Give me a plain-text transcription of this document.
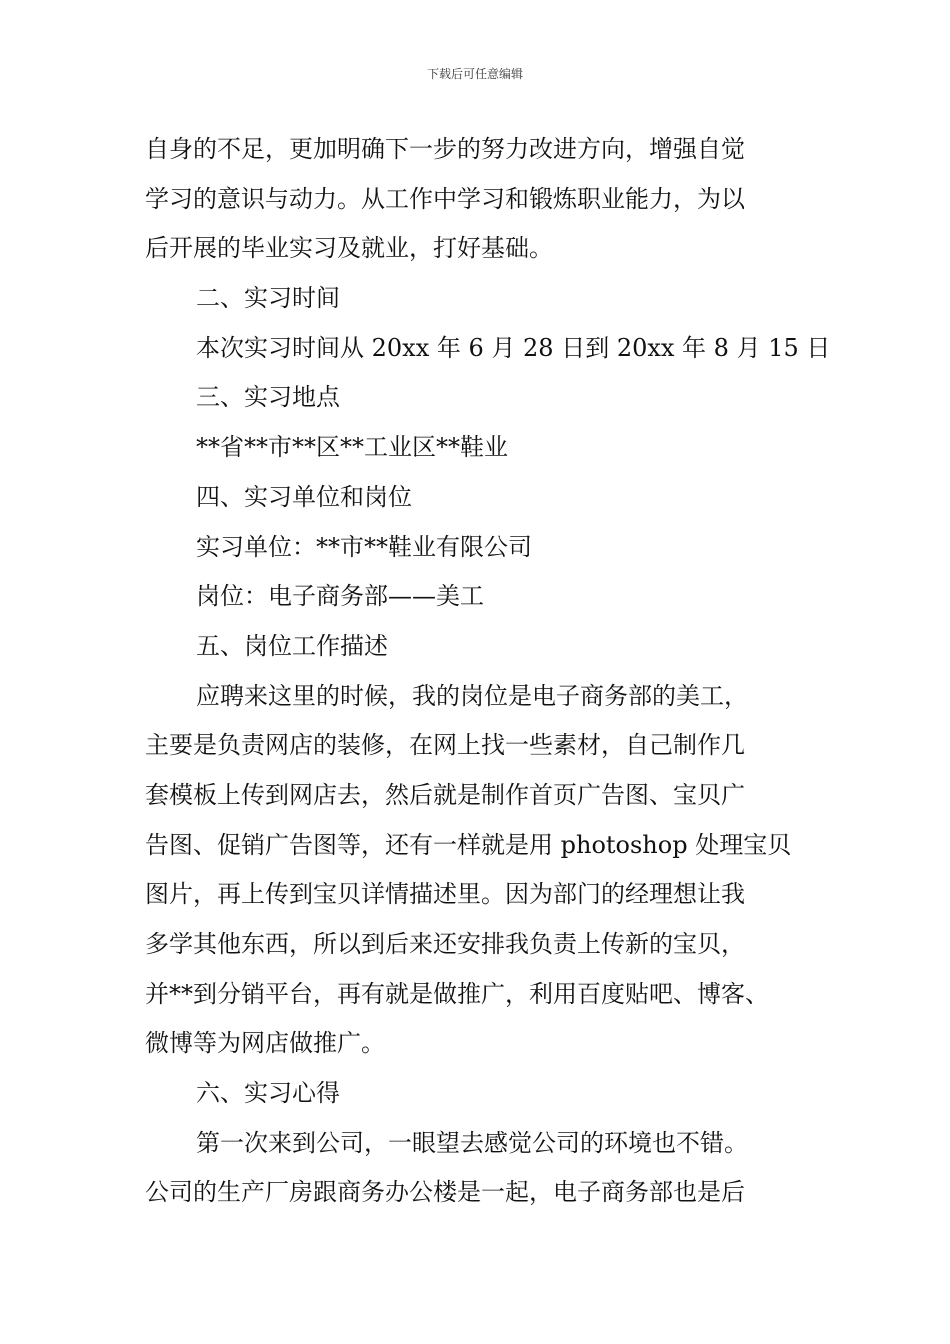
下载后可任意编辑
自身的不足，更加明确下一步的努力改进方向，增强自觉
学习的意识与动力。从工作中学习和锻炼职业能力，为以
后开展的毕业实习及就业，打好基础。
二、实习时间
本次实习时间从 20xx 年 6 月 28 日到 20xx 年 8 月 15 日
三、实习地点
**省**市**区**工业区**鞋业
四、实习单位和岗位
实习单位：**市**鞋业有限公司
岗位：电子商务部——美工
五、岗位工作描述
应聘来这里的时候，我的岗位是电子商务部的美工，
主要是负责网店的装修，在网上找一些素材，自己制作几
套模板上传到网店去，然后就是制作首页广告图、宝贝广
告图、促销广告图等，还有一样就是用 photoshop 处理宝贝
图片，再上传到宝贝详情描述里。因为部门的经理想让我
多学其他东西，所以到后来还安排我负责上传新的宝贝，
并**到分销平台，再有就是做推广，利用百度贴吧、博客、
微博等为网店做推广。
六、实习心得
第一次来到公司，一眼望去感觉公司的环境也不错。
公司的生产厂房跟商务办公楼是一起，电子商务部也是后
